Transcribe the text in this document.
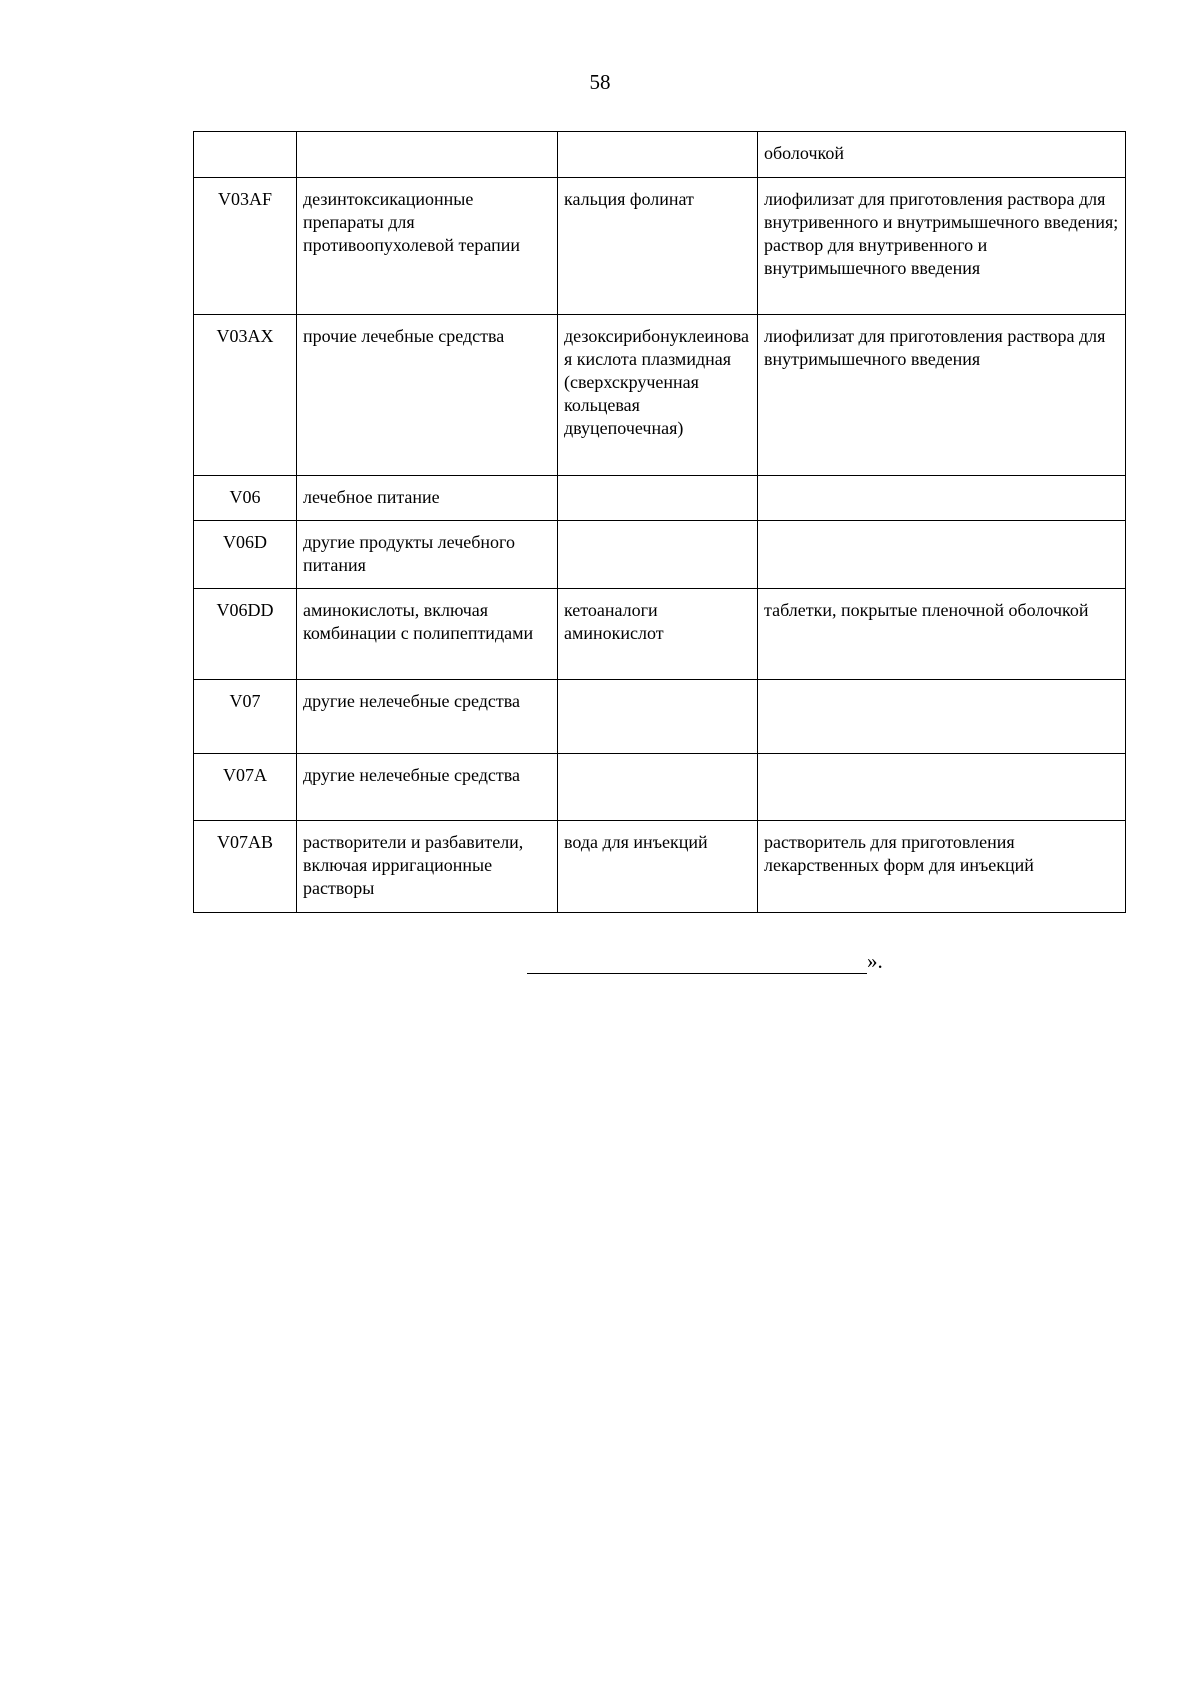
58
			оболочкой
V03AF	дезинтоксикационные препараты для противоопухолевой терапии	кальция фолинат	лиофилизат для приготовления раствора для внутривенного и внутримышечного введения;
раствор для внутривенного и внутримышечного введения
V03AX	прочие лечебные средства	дезоксирибонуклеиновая кислота плазмидная (сверхскрученная кольцевая двуцепочечная)	лиофилизат для приготовления раствора для внутримышечного введения
V06	лечебное питание		
V06D	другие продукты лечебного питания		
V06DD	аминокислоты, включая комбинации с полипептидами	кетоаналоги аминокислот	таблетки, покрытые пленочной оболочкой
V07	другие нелечебные средства		
V07A	другие нелечебные средства		
V07AB	растворители и разбавители, включая ирригационные растворы	вода для инъекций	растворитель для приготовления лекарственных форм для инъекций
».
